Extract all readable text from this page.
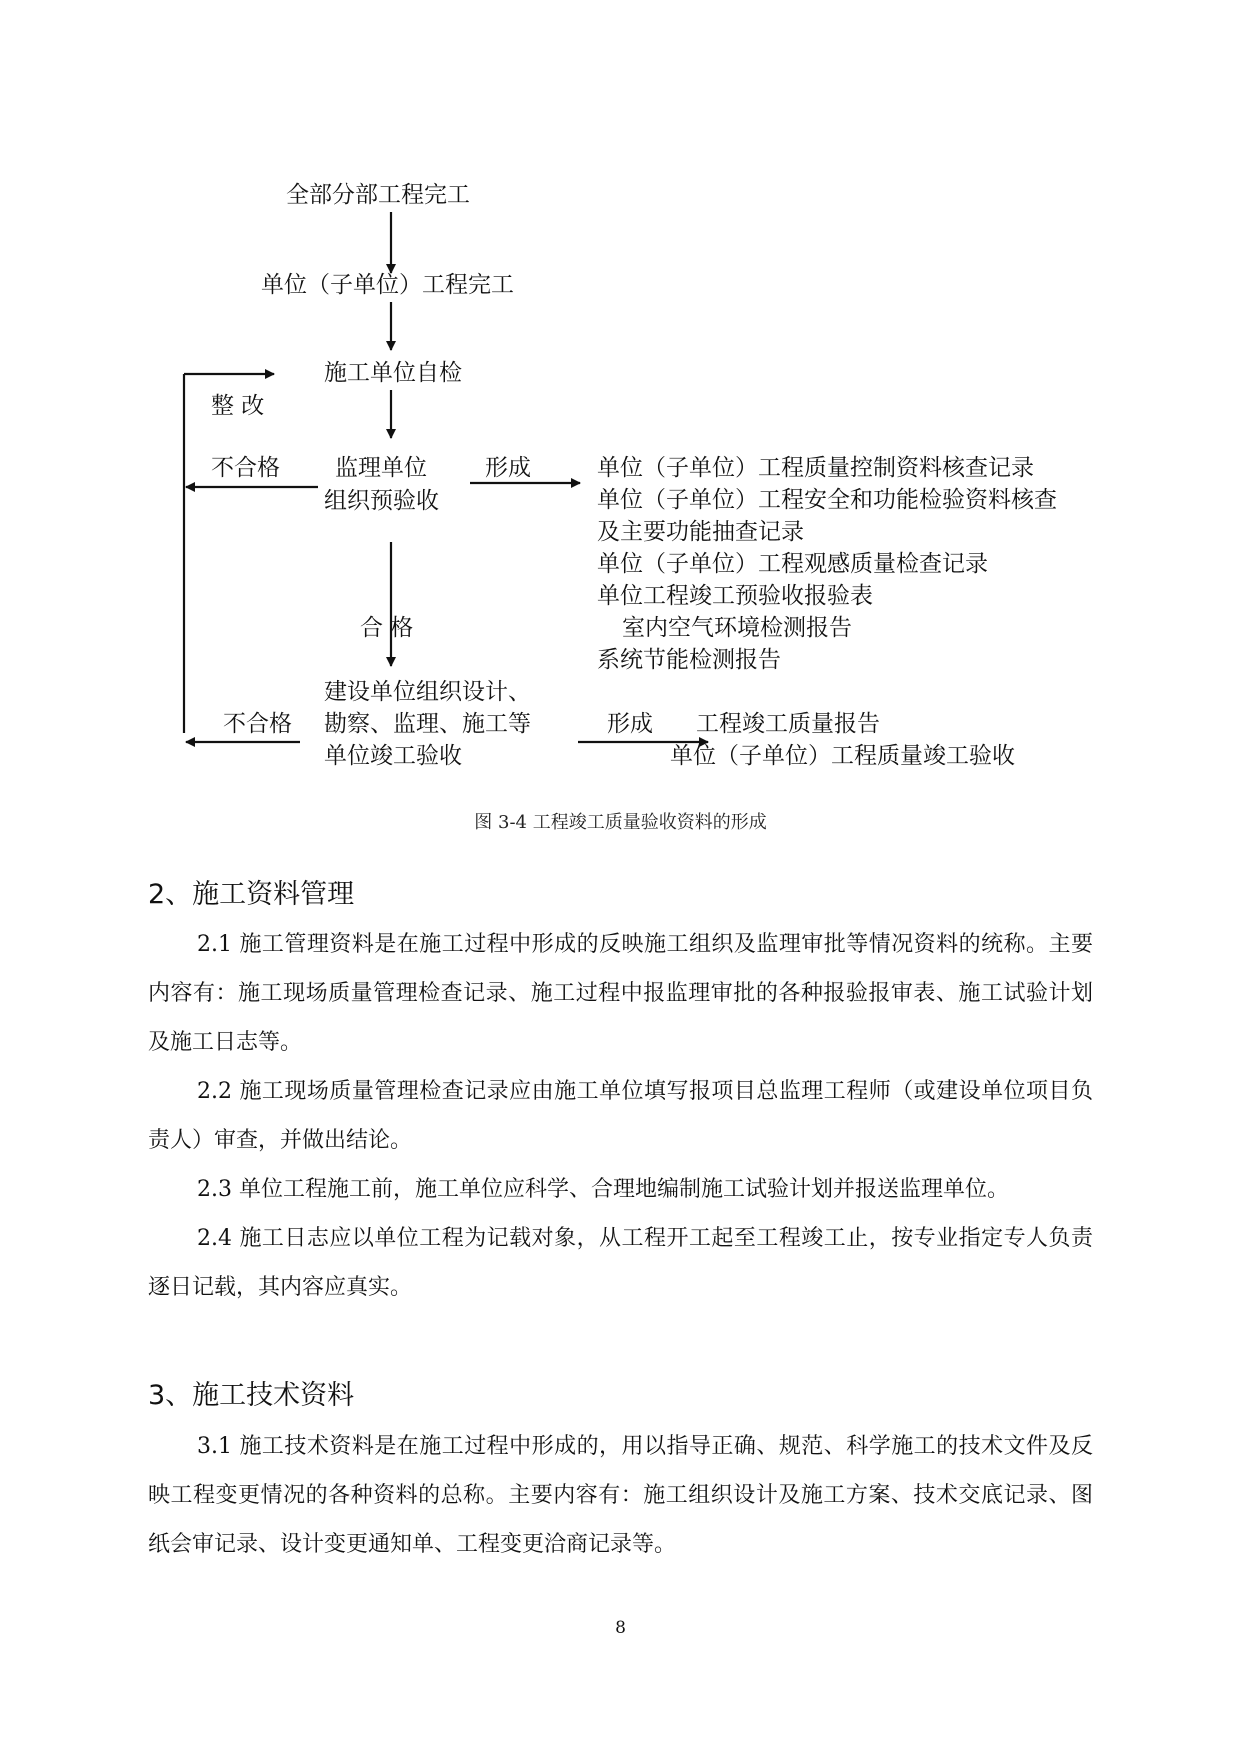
全部分部工程完工
单位（子单位）工程完工
施工单位自检
整 改
不合格 监理单位
组织预验收
形成	单位（子单位）工程质量控制资料核查记录
单位（子单位）工程安全和功能检验资料核查
及主要功能抽查记录
单位（子单位）工程观感质量检查记录
单位工程竣工预验收报验表
室内空气环境检测报告
系统节能检测报告
合 格
建设单位组织设计、
勘察、监理、施工等
单位竣工验收
不合格	形成 工程竣工质量报告
单位（子单位）工程质量竣工验收
图 3-4 工程竣工质量验收资料的形成
2、施工资料管理
2.1 施工管理资料是在施工过程中形成的反映施工组织及监理审批等情况资料的统称。主要内容有：施工现场质量管理检查记录、施工过程中报监理审批的各种报验报审表、施工试验计划及施工日志等。
2.2 施工现场质量管理检查记录应由施工单位填写报项目总监理工程师（或建设单位项目负责人）审查，并做出结论。
2.3 单位工程施工前，施工单位应科学、合理地编制施工试验计划并报送监理单位。
2.4 施工日志应以单位工程为记载对象，从工程开工起至工程竣工止，按专业指定专人负责逐日记载，其内容应真实。
3、施工技术资料
3.1 施工技术资料是在施工过程中形成的，用以指导正确、规范、科学施工的技术文件及反映工程变更情况的各种资料的总称。主要内容有：施工组织设计及施工方案、技术交底记录、图纸会审记录、设计变更通知单、工程变更洽商记录等。
8
